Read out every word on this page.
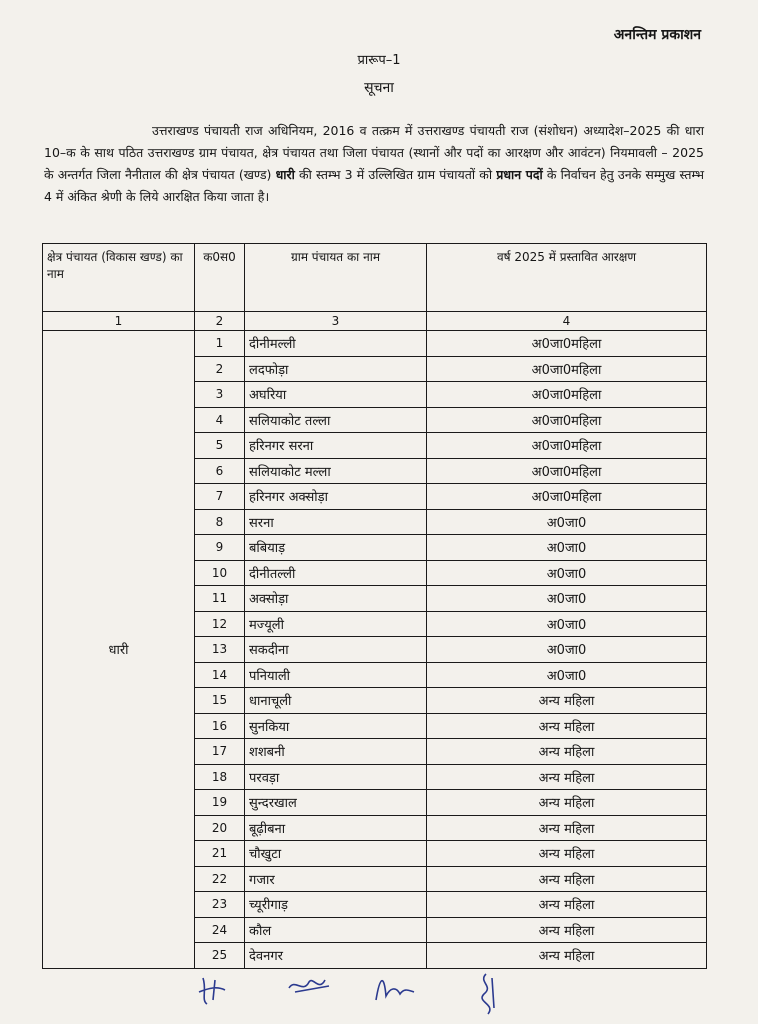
अनन्तिम प्रकाशन
प्रारूप–1
सूचना
उत्तराखण्ड पंचायती राज अधिनियम, 2016 व तत्क्रम में उत्तराखण्ड पंचायती राज (संशोधन) अध्यादेश–2025 की धारा 10–क के साथ पठित उत्तराखण्ड ग्राम पंचायत, क्षेत्र पंचायत तथा जिला पंचायत (स्थानों और पदों का आरक्षण और आवंटन) नियमावली – 2025 के अन्तर्गत जिला नैनीताल की क्षेत्र पंचायत (खण्ड) धारी की स्तम्भ 3 में उल्लिखित ग्राम पंचायतों को प्रधान पदों के निर्वाचन हेतु उनके सम्मुख स्तम्भ 4 में अंकित श्रेणी के लिये आरक्षित किया जाता है।
क्षेत्र पंचायत (विकास खण्ड) का नाम	क0स0	ग्राम पंचायत का नाम	वर्ष 2025 में प्रस्तावित आरक्षण
1	2	3	4
धारी	1	दीनीमल्ली	अ0जा0महिला
	2	लदफोड़ा	अ0जा0महिला
	3	अघरिया	अ0जा0महिला
	4	सलियाकोट तल्ला	अ0जा0महिला
	5	हरिनगर सरना	अ0जा0महिला
	6	सलियाकोट मल्ला	अ0जा0महिला
	7	हरिनगर अक्सोड़ा	अ0जा0महिला
	8	सरना	अ0जा0
	9	बबियाड़	अ0जा0
	10	दीनीतल्ली	अ0जा0
	11	अक्सोड़ा	अ0जा0
	12	मज्यूली	अ0जा0
	13	सकदीना	अ0जा0
	14	पनियाली	अ0जा0
	15	धानाचूली	अन्य महिला
	16	सुनकिया	अन्य महिला
	17	शशबनी	अन्य महिला
	18	परवड़ा	अन्य महिला
	19	सुन्दरखाल	अन्य महिला
	20	बूढ़ीबना	अन्य महिला
	21	चौखुटा	अन्य महिला
	22	गजार	अन्य महिला
	23	च्यूरीगाड़	अन्य महिला
	24	कौल	अन्य महिला
	25	देवनगर	अन्य महिला
